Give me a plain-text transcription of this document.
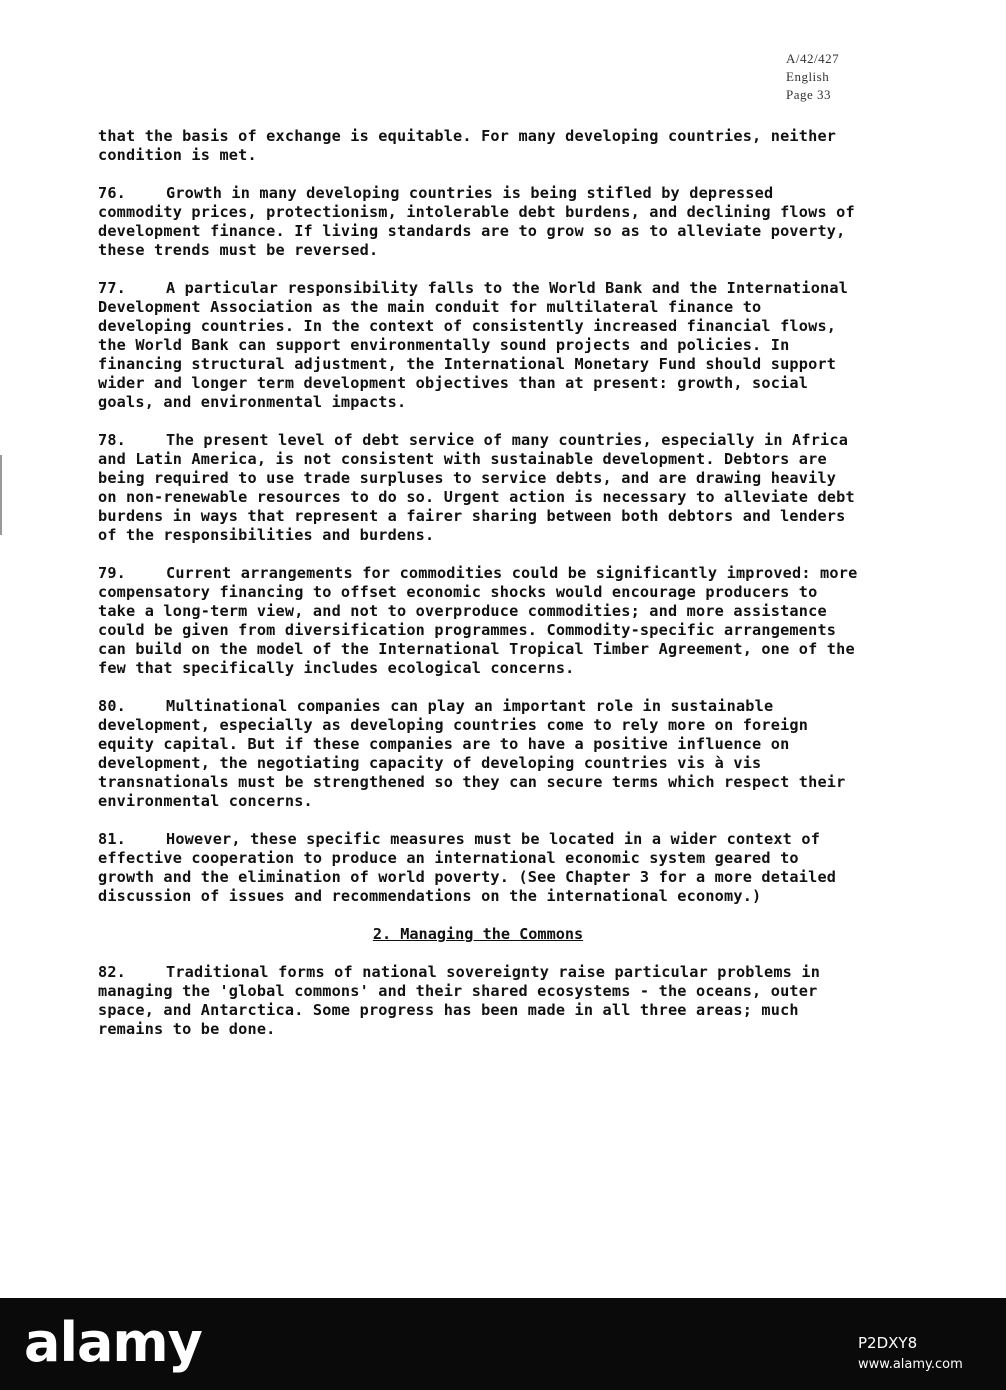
A/42/427
English
Page 33

that the basis of exchange is equitable. For many developing countries, neither condition is met.

76.	Growth in many developing countries is being stifled by depressed commodity prices, protectionism, intolerable debt burdens, and declining flows of development finance. If living standards are to grow so as to alleviate poverty, these trends must be reversed.

77.	A particular responsibility falls to the World Bank and the International Development Association as the main conduit for multilateral finance to developing countries. In the context of consistently increased financial flows, the World Bank can support environmentally sound projects and policies. In financing structural adjustment, the International Monetary Fund should support wider and longer term development objectives than at present: growth, social goals, and environmental impacts.

78.	The present level of debt service of many countries, especially in Africa and Latin America, is not consistent with sustainable development. Debtors are being required to use trade surpluses to service debts, and are drawing heavily on non-renewable resources to do so. Urgent action is necessary to alleviate debt burdens in ways that represent a fairer sharing between both debtors and lenders of the responsibilities and burdens.

79.	Current arrangements for commodities could be significantly improved: more compensatory financing to offset economic shocks would encourage producers to take a long-term view, and not to overproduce commodities; and more assistance could be given from diversification programmes. Commodity-specific arrangements can build on the model of the International Tropical Timber Agreement, one of the few that specifically includes ecological concerns.

80.	Multinational companies can play an important role in sustainable development, especially as developing countries come to rely more on foreign equity capital. But if these companies are to have a positive influence on development, the negotiating capacity of developing countries vis à vis transnationals must be strengthened so they can secure terms which respect their environmental concerns.

81.	However, these specific measures must be located in a wider context of effective cooperation to produce an international economic system geared to growth and the elimination of world poverty. (See Chapter 3 for a more detailed discussion of issues and recommendations on the international economy.)

2. Managing the Commons

82.	Traditional forms of national sovereignty raise particular problems in managing the 'global commons' and their shared ecosystems - the oceans, outer space, and Antarctica. Some progress has been made in all three areas; much remains to be done.

alamy	P2DXY8
www.alamy.com
